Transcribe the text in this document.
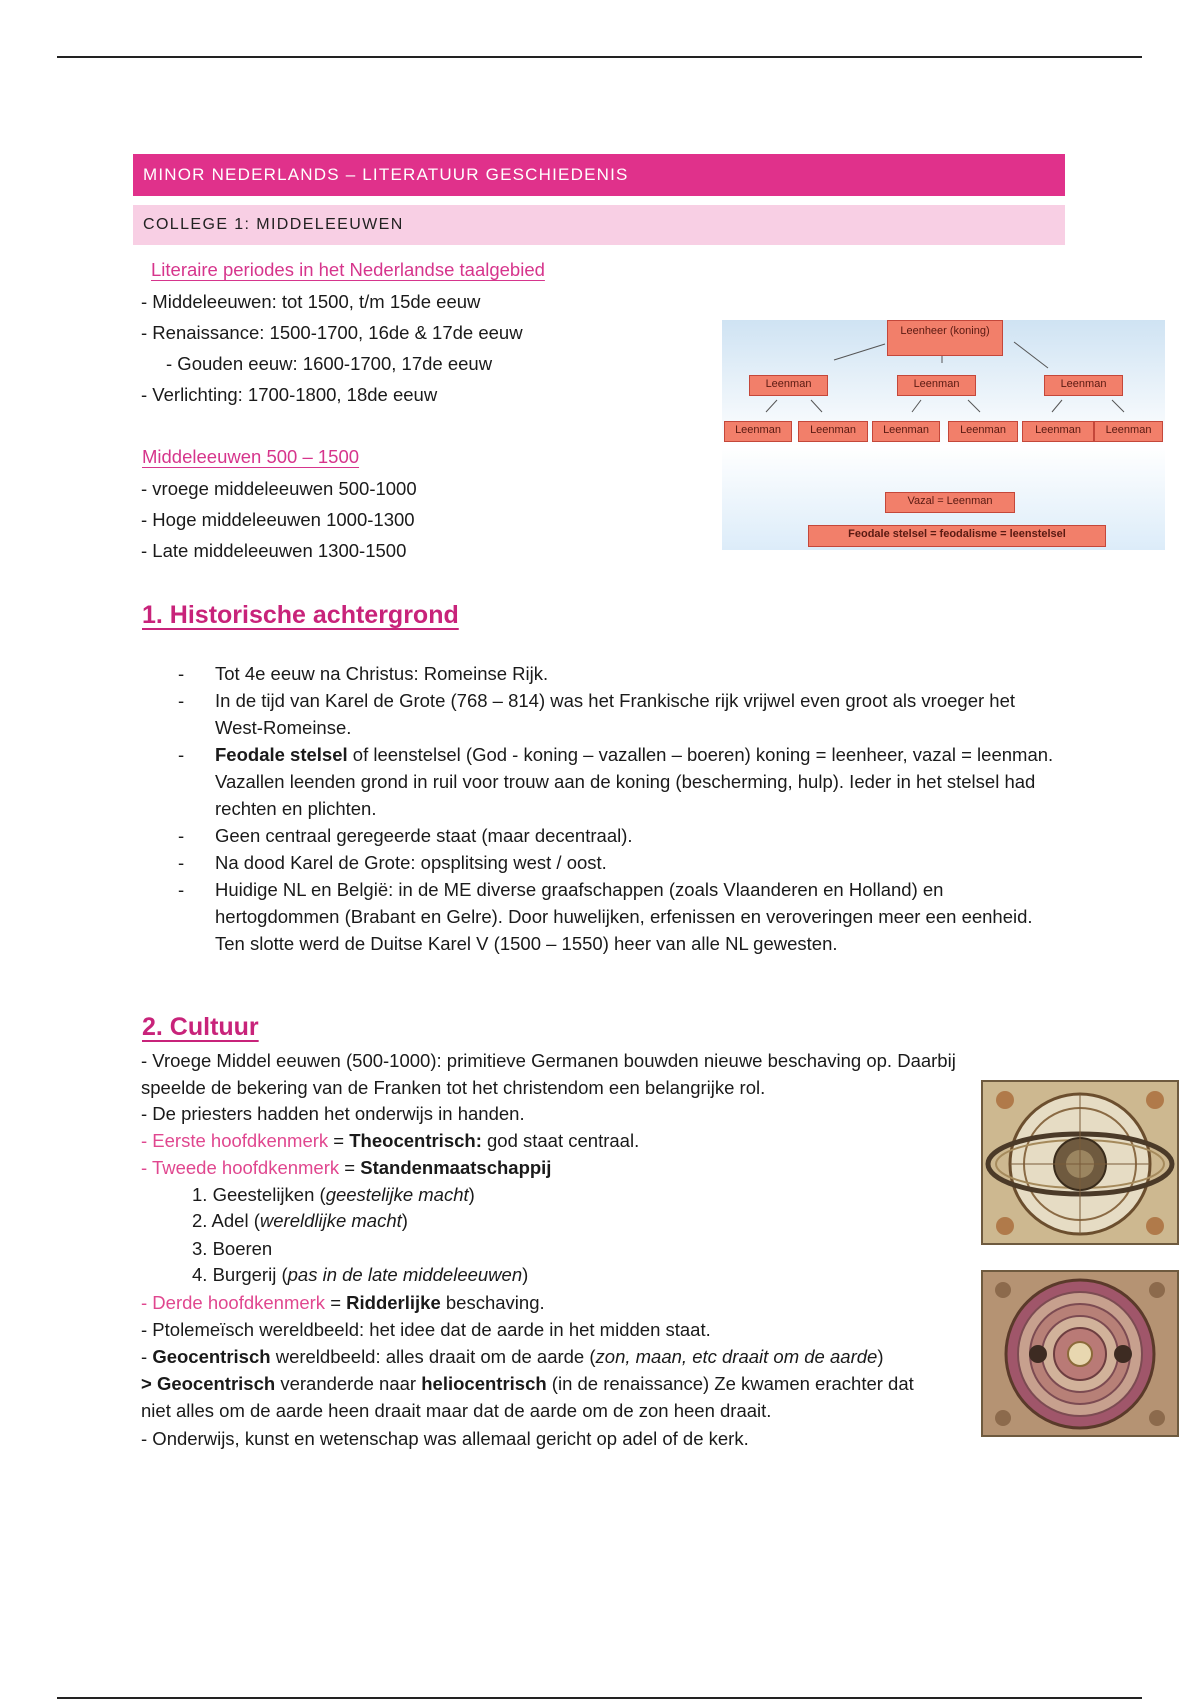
MINOR NEDERLANDS – LITERATUUR GESCHIEDENIS
COLLEGE 1: MIDDELEEUWEN
Literaire periodes in het Nederlandse taalgebied
- Middeleeuwen: tot 1500, t/m 15de eeuw
- Renaissance: 1500-1700, 16de & 17de eeuw
- Gouden eeuw: 1600-1700, 17de eeuw
- Verlichting: 1700-1800, 18de eeuw
Middeleeuwen 500 – 1500
- vroege middeleeuwen 500-1000
- Hoge middeleeuwen 1000-1300
- Late middeleeuwen 1300-1500
Leenheer (koning)
Leenman	Leenman	Leenman
Leenman	Leenman	Leenman	Leenman	Leenman	Leenman
Vazal = Leenman
Feodale stelsel = feodalisme = leenstelsel
1. Historische achtergrond
- Tot 4e eeuw na Christus: Romeinse Rijk.
- In de tijd van Karel de Grote (768 – 814) was het Frankische rijk vrijwel even groot als vroeger het West-Romeinse.
- Feodale stelsel of leenstelsel (God - koning – vazallen – boeren) koning = leenheer, vazal = leenman. Vazallen leenden grond in ruil voor trouw aan de koning (bescherming, hulp). Ieder in het stelsel had rechten en plichten.
- Geen centraal geregeerde staat (maar decentraal).
- Na dood Karel de Grote: opsplitsing west / oost.
- Huidige NL en België: in de ME diverse graafschappen (zoals Vlaanderen en Holland) en hertogdommen (Brabant en Gelre). Door huwelijken, erfenissen en veroveringen meer een eenheid. Ten slotte werd de Duitse Karel V (1500 – 1550) heer van alle NL gewesten.
2. Cultuur
- Vroege Middel eeuwen (500-1000): primitieve Germanen bouwden nieuwe beschaving op. Daarbij
speelde de bekering van de Franken tot het christendom een belangrijke rol.
- De priesters hadden het onderwijs in handen.
- Eerste hoofdkenmerk = Theocentrisch: god staat centraal.
- Tweede hoofdkenmerk = Standenmaatschappij
1. Geestelijken (geestelijke macht)
2. Adel (wereldlijke macht)
3. Boeren
4. Burgerij (pas in de late middeleeuwen)
- Derde hoofdkenmerk = Ridderlijke beschaving.
- Ptolemeïsch wereldbeeld: het idee dat de aarde in het midden staat.
- Geocentrisch wereldbeeld: alles draait om de aarde (zon, maan, etc draait om de aarde)
> Geocentrisch veranderde naar heliocentrisch (in de renaissance) Ze kwamen erachter dat
niet alles om de aarde heen draait maar dat de aarde om de zon heen draait.
- Onderwijs, kunst en wetenschap was allemaal gericht op adel of de kerk.
